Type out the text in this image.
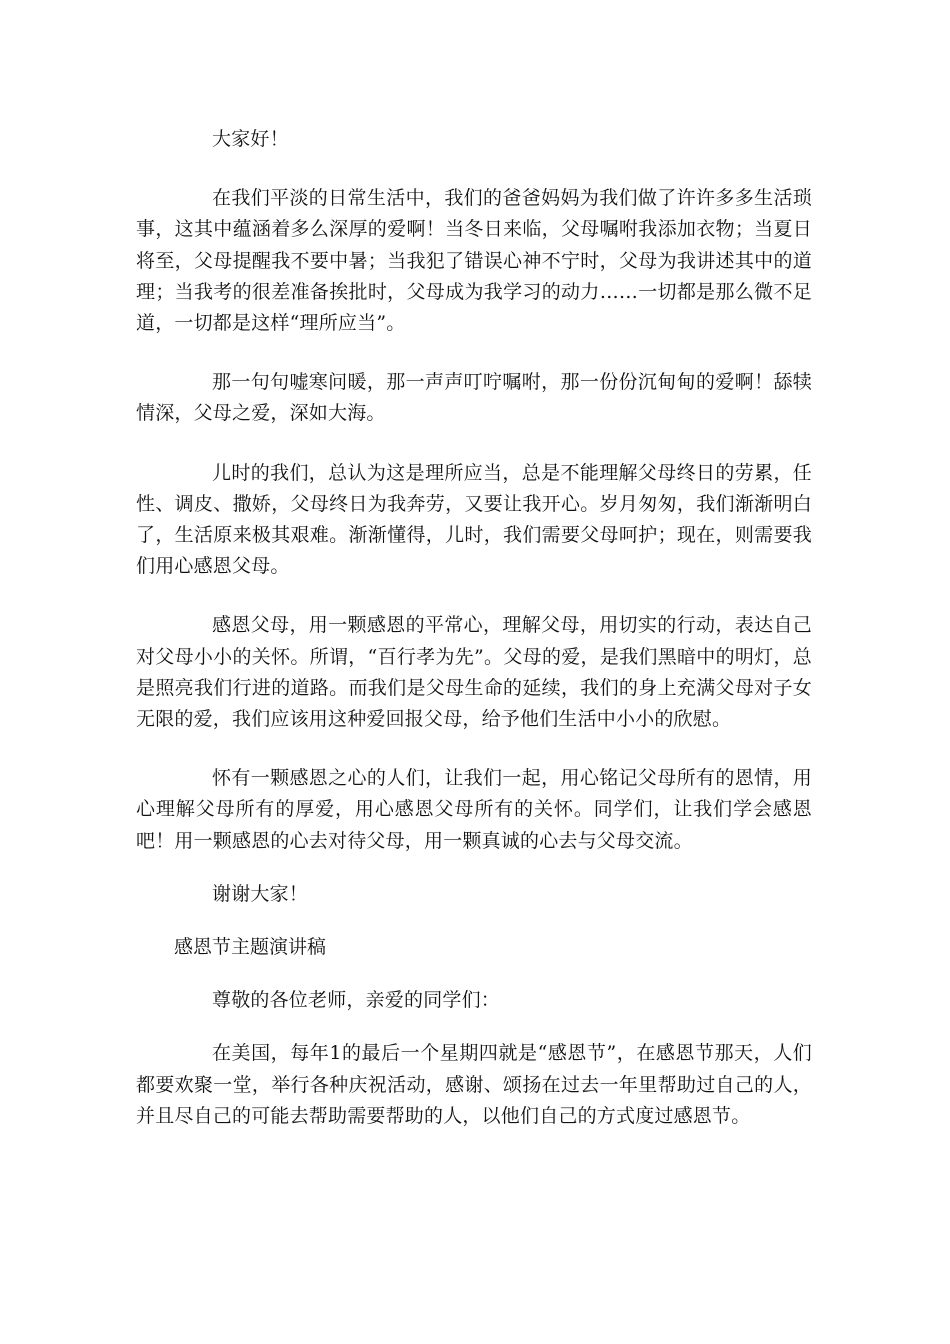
大家好！

在我们平淡的日常生活中，我们的爸爸妈妈为我们做了许许多多生活琐事，这其中蕴涵着多么深厚的爱啊！当冬日来临，父母嘱咐我添加衣物；当夏日将至，父母提醒我不要中暑；当我犯了错误心神不宁时，父母为我讲述其中的道理；当我考的很差准备挨批时，父母成为我学习的动力……一切都是那么微不足道，一切都是这样“理所应当”。

那一句句嘘寒问暖，那一声声叮咛嘱咐，那一份份沉甸甸的爱啊！舔犊情深，父母之爱，深如大海。

儿时的我们，总认为这是理所应当，总是不能理解父母终日的劳累，任性、调皮、撒娇，父母终日为我奔劳，又要让我开心。岁月匆匆，我们渐渐明白了，生活原来极其艰难。渐渐懂得，儿时，我们需要父母呵护；现在，则需要我们用心感恩父母。

感恩父母，用一颗感恩的平常心，理解父母，用切实的行动，表达自己对父母小小的关怀。所谓，“百行孝为先”。父母的爱，是我们黑暗中的明灯，总是照亮我们行进的道路。而我们是父母生命的延续，我们的身上充满父母对子女无限的爱，我们应该用这种爱回报父母，给予他们生活中小小的欣慰。

怀有一颗感恩之心的人们，让我们一起，用心铭记父母所有的恩情，用心理解父母所有的厚爱，用心感恩父母所有的关怀。同学们，让我们学会感恩吧！用一颗感恩的心去对待父母，用一颗真诚的心去与父母交流。

谢谢大家！

感恩节主题演讲稿

尊敬的各位老师，亲爱的同学们：

在美国，每年1的最后一个星期四就是“感恩节”，在感恩节那天，人们都要欢聚一堂，举行各种庆祝活动，感谢、颂扬在过去一年里帮助过自己的人，并且尽自己的可能去帮助需要帮助的人，以他们自己的方式度过感恩节。
